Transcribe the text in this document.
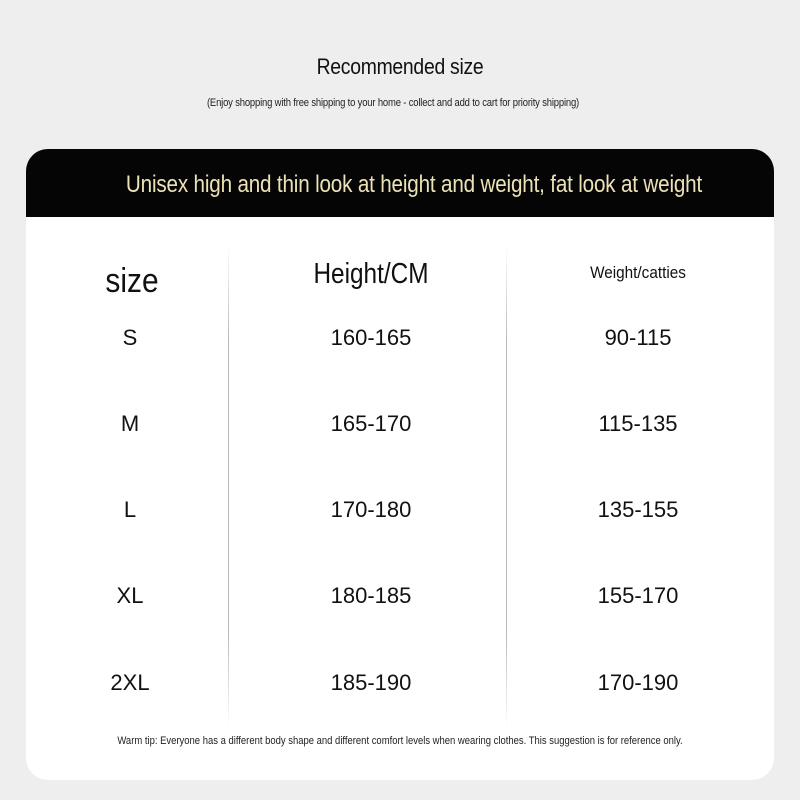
Recommended size
(Enjoy shopping with free shipping to your home - collect and add to cart for priority shipping)
Unisex high and thin look at height and weight, fat look at weight
size	Height/CM	Weight/catties
S	160-165	90-115
M	165-170	115-135
L	170-180	135-155
XL	180-185	155-170
2XL	185-190	170-190
Warm tip: Everyone has a different body shape and different comfort levels when wearing clothes. This suggestion is for reference only.
